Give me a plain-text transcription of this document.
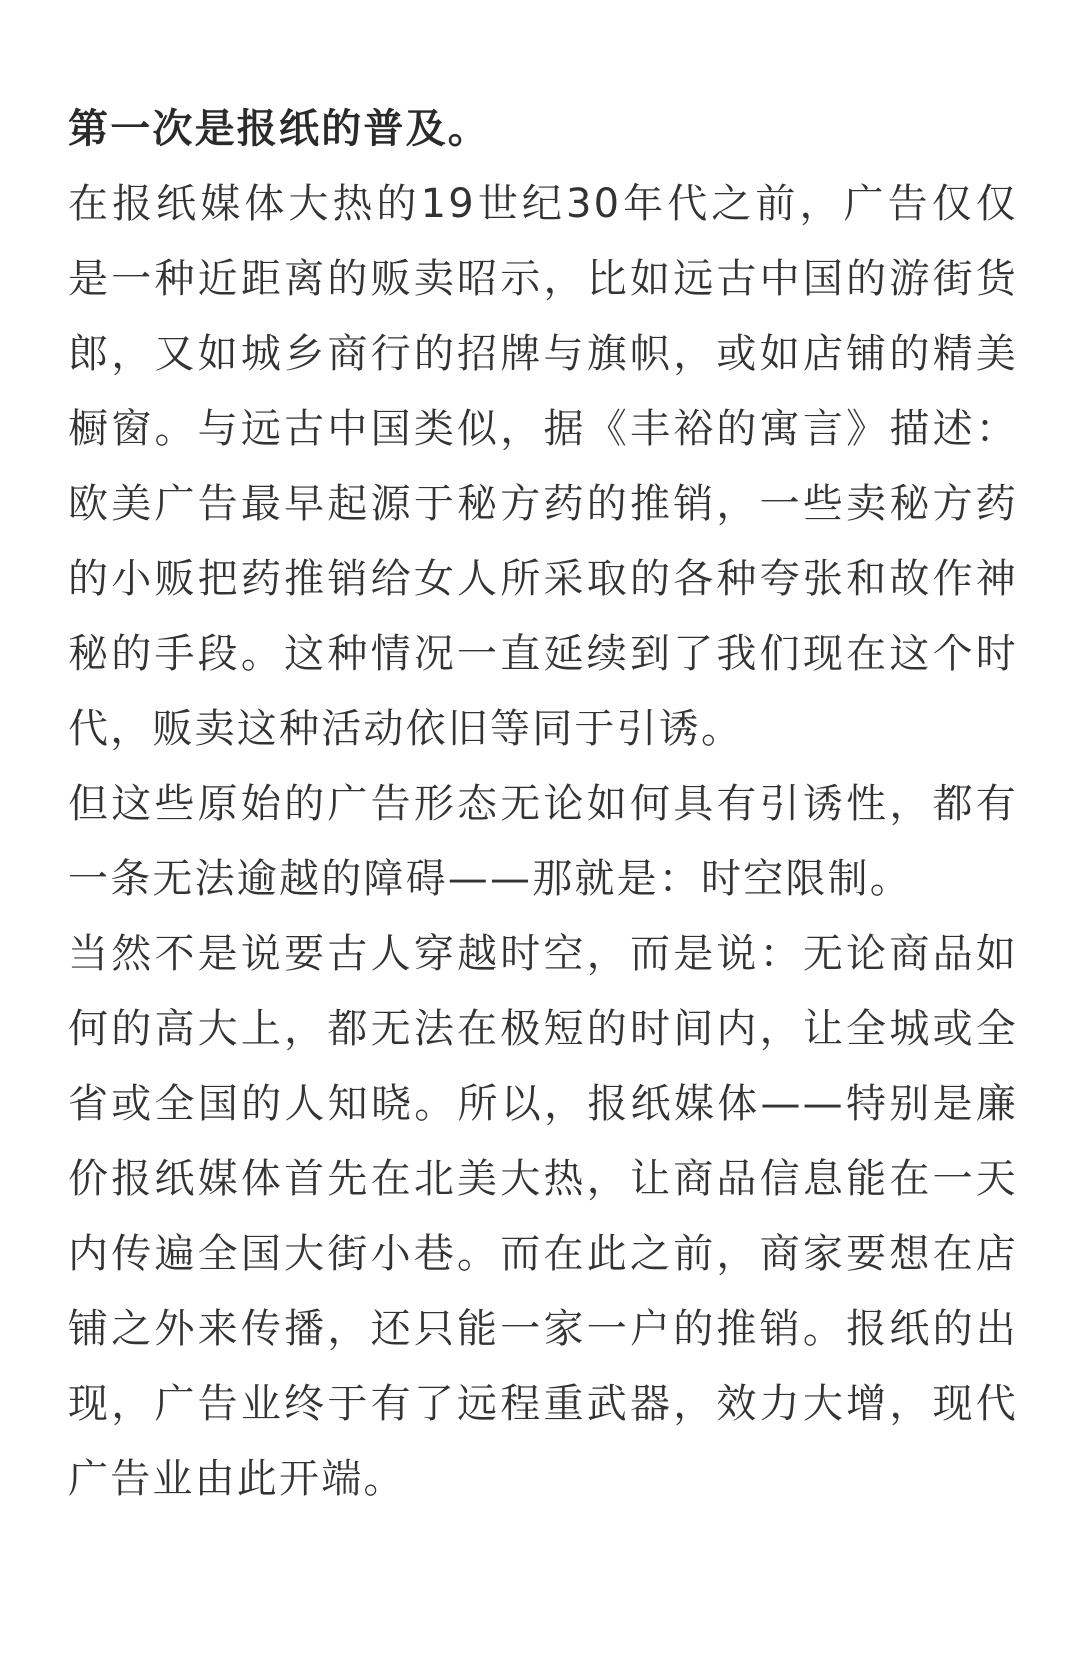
第一次是报纸的普及。

在报纸媒体大热的19世纪30年代之前，广告仅仅是一种近距离的贩卖昭示，比如远古中国的游街货郎，又如城乡商行的招牌与旗帜，或如店铺的精美橱窗。与远古中国类似，据《丰裕的寓言》描述：欧美广告最早起源于秘方药的推销，一些卖秘方药的小贩把药推销给女人所采取的各种夸张和故作神秘的手段。这种情况一直延续到了我们现在这个时代，贩卖这种活动依旧等同于引诱。

但这些原始的广告形态无论如何具有引诱性，都有一条无法逾越的障碍——那就是：时空限制。

当然不是说要古人穿越时空，而是说：无论商品如何的高大上，都无法在极短的时间内，让全城或全省或全国的人知晓。所以，报纸媒体——特别是廉价报纸媒体首先在北美大热，让商品信息能在一天内传遍全国大街小巷。而在此之前，商家要想在店铺之外来传播，还只能一家一户的推销。报纸的出现，广告业终于有了远程重武器，效力大增，现代广告业由此开端。
